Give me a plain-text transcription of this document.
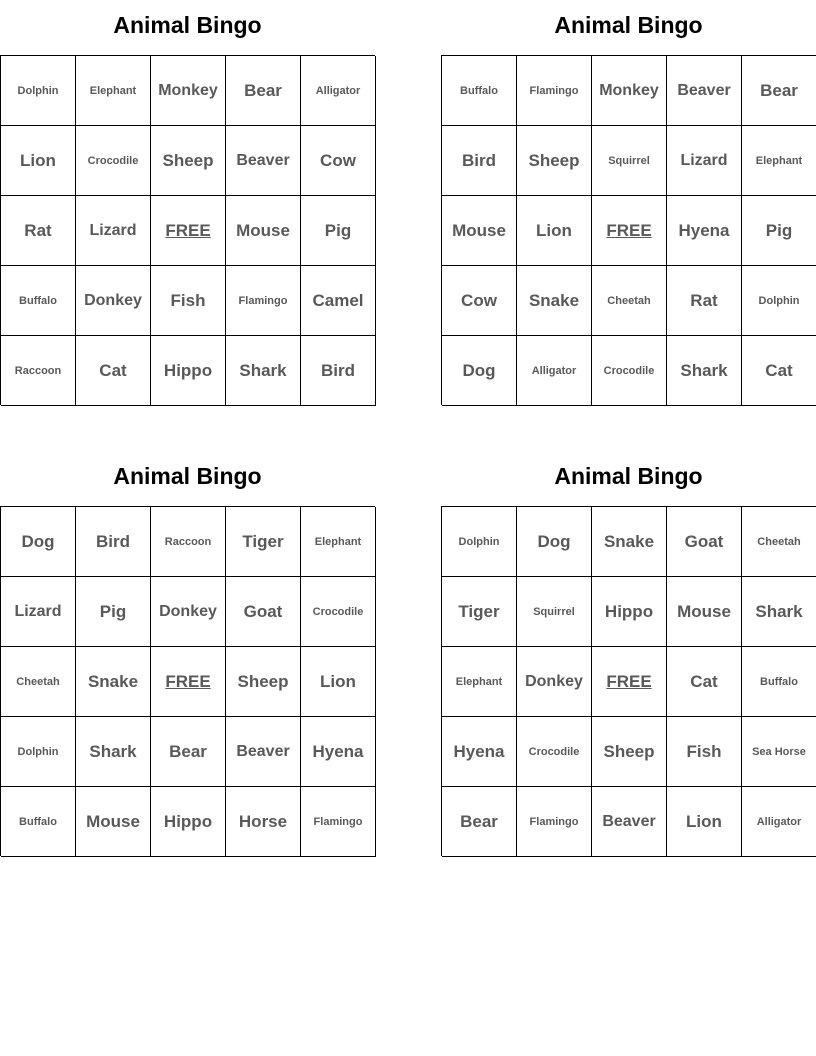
Animal Bingo
Dolphin	Elephant	Monkey	Bear	Alligator
Lion	Crocodile	Sheep	Beaver	Cow
Rat	Lizard	FREE	Mouse	Pig
Buffalo	Donkey	Fish	Flamingo	Camel
Raccoon	Cat	Hippo	Shark	Bird
Animal Bingo
Buffalo	Flamingo	Monkey	Beaver	Bear
Bird	Sheep	Squirrel	Lizard	Elephant
Mouse	Lion	FREE	Hyena	Pig
Cow	Snake	Cheetah	Rat	Dolphin
Dog	Alligator	Crocodile	Shark	Cat
Animal Bingo
Dog	Bird	Raccoon	Tiger	Elephant
Lizard	Pig	Donkey	Goat	Crocodile
Cheetah	Snake	FREE	Sheep	Lion
Dolphin	Shark	Bear	Beaver	Hyena
Buffalo	Mouse	Hippo	Horse	Flamingo
Animal Bingo
Dolphin	Dog	Snake	Goat	Cheetah
Tiger	Squirrel	Hippo	Mouse	Shark
Elephant	Donkey	FREE	Cat	Buffalo
Hyena	Crocodile	Sheep	Fish	Sea Horse
Bear	Flamingo	Beaver	Lion	Alligator
